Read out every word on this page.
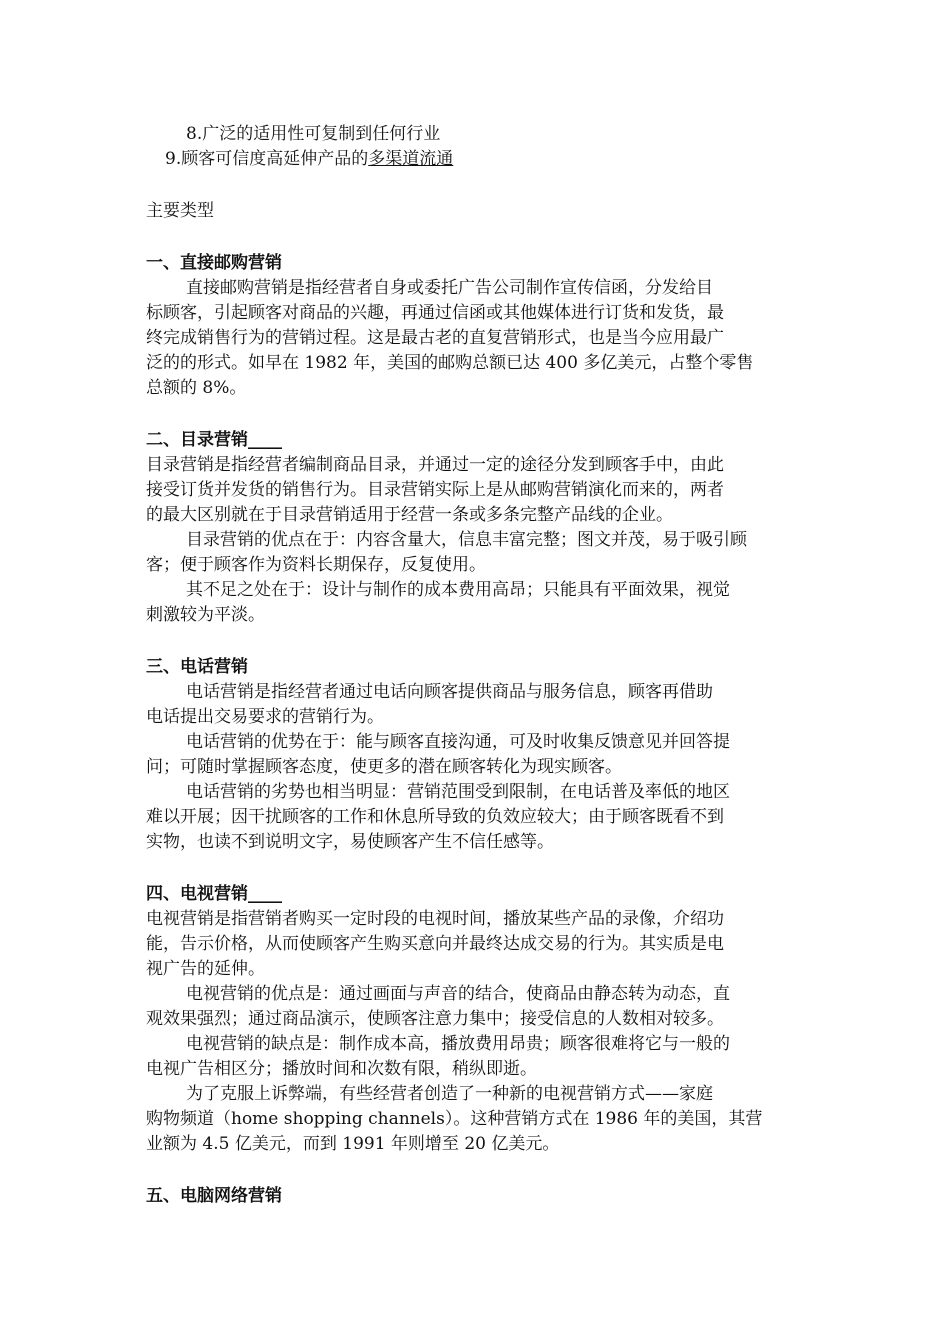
8.广泛的适用性可复制到任何行业

9.顾客可信度高延伸产品的多渠道流通

主要类型

一、直接邮购营销

直接邮购营销是指经营者自身或委托广告公司制作宣传信函，分发给目

标顾客，引起顾客对商品的兴趣，再通过信函或其他媒体进行订货和发货，最

终完成销售行为的营销过程。这是最古老的直复营销形式，也是当今应用最广

泛的的形式。如早在 1982 年，美国的邮购总额已达 400 多亿美元，占整个零售

总额的 8%。

二、目录营销____

目录营销是指经营者编制商品目录，并通过一定的途径分发到顾客手中，由此

接受订货并发货的销售行为。目录营销实际上是从邮购营销演化而来的，两者

的最大区别就在于目录营销适用于经营一条或多条完整产品线的企业。

目录营销的优点在于：内容含量大，信息丰富完整；图文并茂，易于吸引顾

客；便于顾客作为资料长期保存，反复使用。

其不足之处在于：设计与制作的成本费用高昂；只能具有平面效果，视觉

刺激较为平淡。

三、电话营销

电话营销是指经营者通过电话向顾客提供商品与服务信息，顾客再借助

电话提出交易要求的营销行为。

电话营销的优势在于：能与顾客直接沟通，可及时收集反馈意见并回答提

问；可随时掌握顾客态度，使更多的潜在顾客转化为现实顾客。

电话营销的劣势也相当明显：营销范围受到限制，在电话普及率低的地区

难以开展；因干扰顾客的工作和休息所导致的负效应较大；由于顾客既看不到

实物，也读不到说明文字，易使顾客产生不信任感等。

四、电视营销____

电视营销是指营销者购买一定时段的电视时间，播放某些产品的录像，介绍功

能，告示价格，从而使顾客产生购买意向并最终达成交易的行为。其实质是电

视广告的延伸。

电视营销的优点是：通过画面与声音的结合，使商品由静态转为动态，直

观效果强烈；通过商品演示，使顾客注意力集中；接受信息的人数相对较多。

电视营销的缺点是：制作成本高，播放费用昂贵；顾客很难将它与一般的

电视广告相区分；播放时间和次数有限，稍纵即逝。

为了克服上诉弊端，有些经营者创造了一种新的电视营销方式——家庭

购物频道（home shopping channels）。这种营销方式在 1986 年的美国，其营

业额为 4.5 亿美元，而到 1991 年则增至 20 亿美元。

五、电脑网络营销
